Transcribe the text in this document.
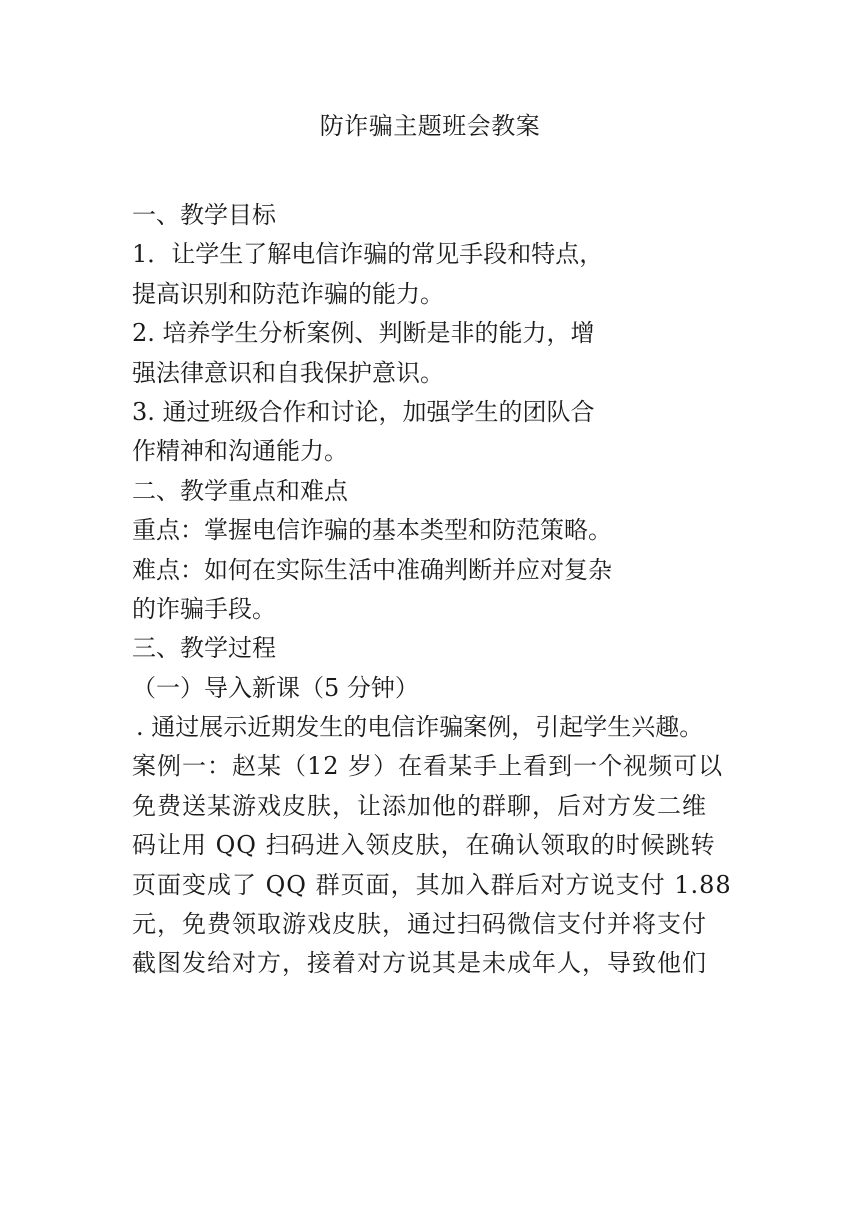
防诈骗主题班会教案
一、教学目标
1．让学生了解电信诈骗的常见手段和特点，
提高识别和防范诈骗的能力。
2. 培养学生分析案例、判断是非的能力，增
强法律意识和自我保护意识。
3. 通过班级合作和讨论，加强学生的团队合
作精神和沟通能力。
二、教学重点和难点
重点：掌握电信诈骗的基本类型和防范策略。
难点：如何在实际生活中准确判断并应对复杂
的诈骗手段。
三、教学过程
（一）导入新课（5 分钟）
. 通过展示近期发生的电信诈骗案例，引起学生兴趣。
案例一：赵某（12 岁）在看某手上看到一个视频可以
免费送某游戏皮肤，让添加他的群聊，后对方发二维
码让用 QQ 扫码进入领皮肤，在确认领取的时候跳转
页面变成了 QQ 群页面，其加入群后对方说支付 1.88
元，免费领取游戏皮肤，通过扫码微信支付并将支付
截图发给对方，接着对方说其是未成年人，导致他们
